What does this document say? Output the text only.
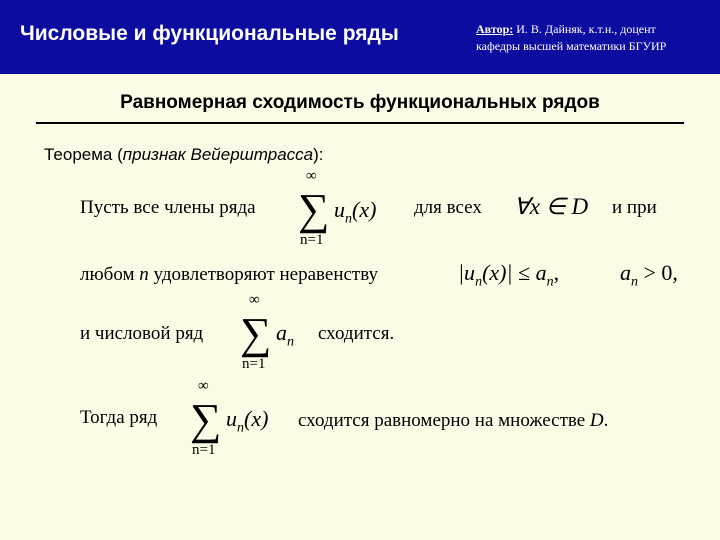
Числовые и функциональные ряды	Автор: И. В. Дайняк, к.т.н., доцент
кафедры высшей математики БГУИР
Равномерная сходимость функциональных рядов
Теорема (признак Вейерштрасса):
Пусть все члены ряда
∞
∑
n=1
$u_n(x)$ для всех ∀x ∈ D и при
любом n удовлетворяют неравенству	$|u_n(x)| \le a_n$,	$a_n > 0$,
и числовой ряд
∞
∑
n=1
$a_n$ сходится.
Тогда ряд
∞
∑
n=1
$u_n(x)$ сходится равномерно на множестве D.
